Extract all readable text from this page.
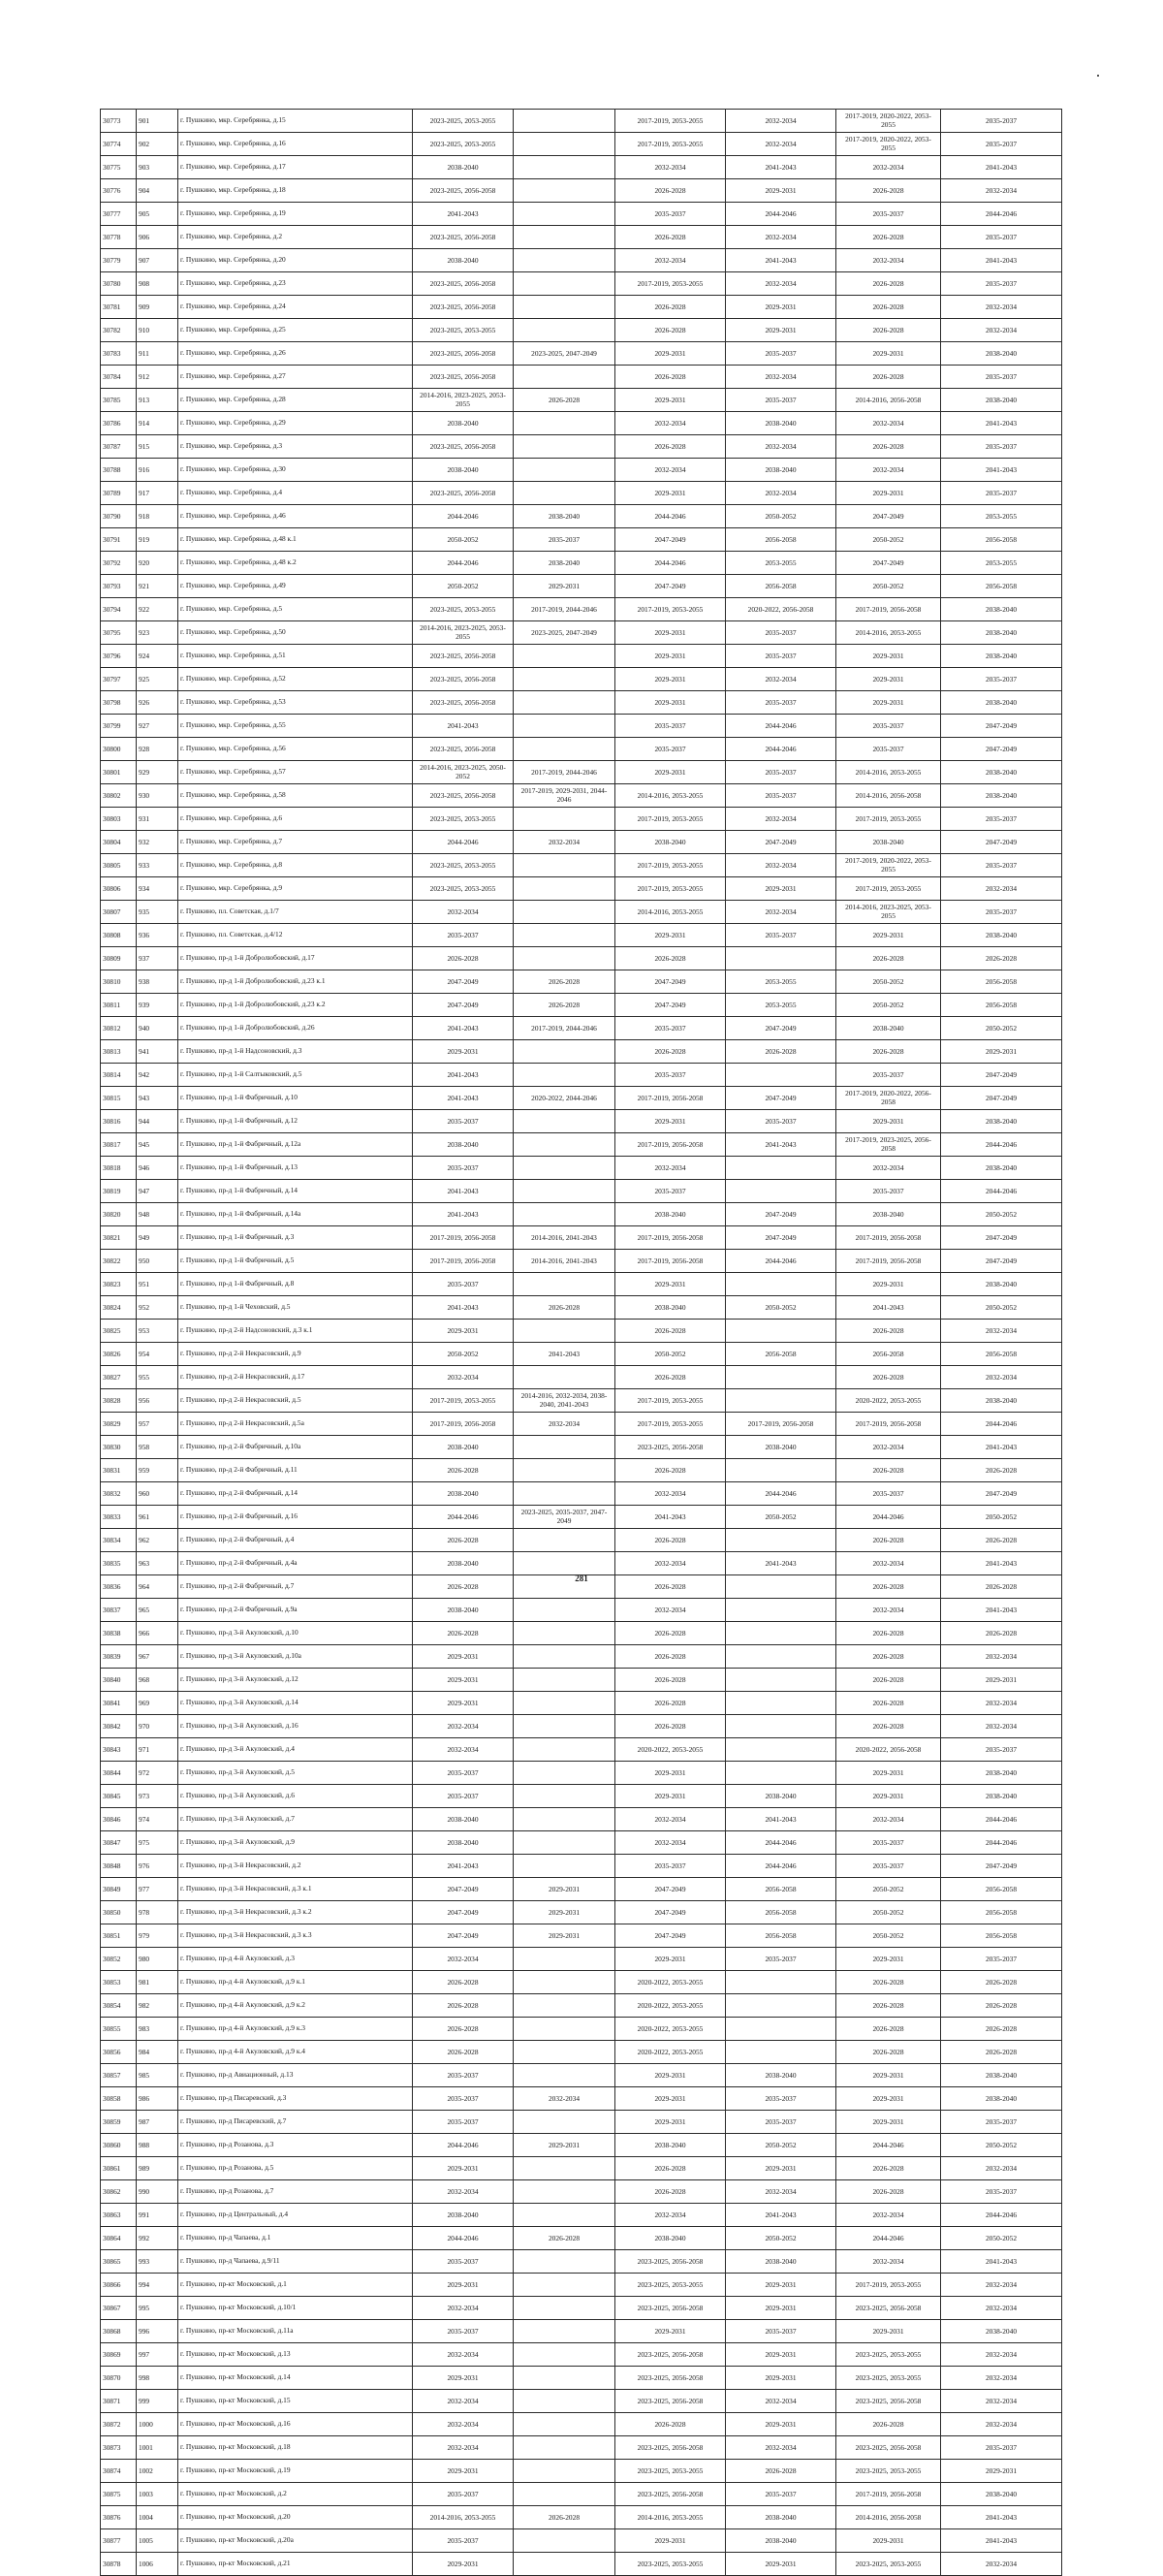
30773	901	г. Пушкино, мкр. Серебрянка, д.15	2023-2025, 2053-2055		2017-2019, 2053-2055	2032-2034	2017-2019, 2020-2022, 2053-2055	2035-2037
30774	902	г. Пушкино, мкр. Серебрянка, д.16	2023-2025, 2053-2055		2017-2019, 2053-2055	2032-2034	2017-2019, 2020-2022, 2053-2055	2035-2037
30775	903	г. Пушкино, мкр. Серебрянка, д.17	2038-2040		2032-2034	2041-2043	2032-2034	2041-2043
30776	904	г. Пушкино, мкр. Серебрянка, д.18	2023-2025, 2056-2058		2026-2028	2029-2031	2026-2028	2032-2034
30777	905	г. Пушкино, мкр. Серебрянка, д.19	2041-2043		2035-2037	2044-2046	2035-2037	2044-2046
30778	906	г. Пушкино, мкр. Серебрянка, д.2	2023-2025, 2056-2058		2026-2028	2032-2034	2026-2028	2035-2037
30779	907	г. Пушкино, мкр. Серебрянка, д.20	2038-2040		2032-2034	2041-2043	2032-2034	2041-2043
30780	908	г. Пушкино, мкр. Серебрянка, д.23	2023-2025, 2056-2058		2017-2019, 2053-2055	2032-2034	2026-2028	2035-2037
30781	909	г. Пушкино, мкр. Серебрянка, д.24	2023-2025, 2056-2058		2026-2028	2029-2031	2026-2028	2032-2034
30782	910	г. Пушкино, мкр. Серебрянка, д.25	2023-2025, 2053-2055		2026-2028	2029-2031	2026-2028	2032-2034
30783	911	г. Пушкино, мкр. Серебрянка, д.26	2023-2025, 2056-2058	2023-2025, 2047-2049	2029-2031	2035-2037	2029-2031	2038-2040
30784	912	г. Пушкино, мкр. Серебрянка, д.27	2023-2025, 2056-2058		2026-2028	2032-2034	2026-2028	2035-2037
30785	913	г. Пушкино, мкр. Серебрянка, д.28	2014-2016, 2023-2025, 2053-2055	2026-2028	2029-2031	2035-2037	2014-2016, 2056-2058	2038-2040
30786	914	г. Пушкино, мкр. Серебрянка, д.29	2038-2040		2032-2034	2038-2040	2032-2034	2041-2043
30787	915	г. Пушкино, мкр. Серебрянка, д.3	2023-2025, 2056-2058		2026-2028	2032-2034	2026-2028	2035-2037
30788	916	г. Пушкино, мкр. Серебрянка, д.30	2038-2040		2032-2034	2038-2040	2032-2034	2041-2043
30789	917	г. Пушкино, мкр. Серебрянка, д.4	2023-2025, 2056-2058		2029-2031	2032-2034	2029-2031	2035-2037
30790	918	г. Пушкино, мкр. Серебрянка, д.46	2044-2046	2038-2040	2044-2046	2050-2052	2047-2049	2053-2055
30791	919	г. Пушкино, мкр. Серебрянка, д.48 к.1	2050-2052	2035-2037	2047-2049	2056-2058	2050-2052	2056-2058
30792	920	г. Пушкино, мкр. Серебрянка, д.48 к.2	2044-2046	2038-2040	2044-2046	2053-2055	2047-2049	2053-2055
30793	921	г. Пушкино, мкр. Серебрянка, д.49	2050-2052	2029-2031	2047-2049	2056-2058	2050-2052	2056-2058
30794	922	г. Пушкино, мкр. Серебрянка, д.5	2023-2025, 2053-2055	2017-2019, 2044-2046	2017-2019, 2053-2055	2020-2022, 2056-2058	2017-2019, 2056-2058	2038-2040
30795	923	г. Пушкино, мкр. Серебрянка, д.50	2014-2016, 2023-2025, 2053-2055	2023-2025, 2047-2049	2029-2031	2035-2037	2014-2016, 2053-2055	2038-2040
30796	924	г. Пушкино, мкр. Серебрянка, д.51	2023-2025, 2056-2058		2029-2031	2035-2037	2029-2031	2038-2040
30797	925	г. Пушкино, мкр. Серебрянка, д.52	2023-2025, 2056-2058		2029-2031	2032-2034	2029-2031	2035-2037
30798	926	г. Пушкино, мкр. Серебрянка, д.53	2023-2025, 2056-2058		2029-2031	2035-2037	2029-2031	2038-2040
30799	927	г. Пушкино, мкр. Серебрянка, д.55	2041-2043		2035-2037	2044-2046	2035-2037	2047-2049
30800	928	г. Пушкино, мкр. Серебрянка, д.56	2023-2025, 2056-2058		2035-2037	2044-2046	2035-2037	2047-2049
30801	929	г. Пушкино, мкр. Серебрянка, д.57	2014-2016, 2023-2025, 2050-2052	2017-2019, 2044-2046	2029-2031	2035-2037	2014-2016, 2053-2055	2038-2040
30802	930	г. Пушкино, мкр. Серебрянка, д.58	2023-2025, 2056-2058	2017-2019, 2029-2031, 2044-2046	2014-2016, 2053-2055	2035-2037	2014-2016, 2056-2058	2038-2040
30803	931	г. Пушкино, мкр. Серебрянка, д.6	2023-2025, 2053-2055		2017-2019, 2053-2055	2032-2034	2017-2019, 2053-2055	2035-2037
30804	932	г. Пушкино, мкр. Серебрянка, д.7	2044-2046	2032-2034	2038-2040	2047-2049	2038-2040	2047-2049
30805	933	г. Пушкино, мкр. Серебрянка, д.8	2023-2025, 2053-2055		2017-2019, 2053-2055	2032-2034	2017-2019, 2020-2022, 2053-2055	2035-2037
30806	934	г. Пушкино, мкр. Серебрянка, д.9	2023-2025, 2053-2055		2017-2019, 2053-2055	2029-2031	2017-2019, 2053-2055	2032-2034
30807	935	г. Пушкино, пл. Советская, д.1/7	2032-2034		2014-2016, 2053-2055	2032-2034	2014-2016, 2023-2025, 2053-2055	2035-2037
30808	936	г. Пушкино, пл. Советская, д.4/12	2035-2037		2029-2031	2035-2037	2029-2031	2038-2040
30809	937	г. Пушкино, пр-д 1-й Добролюбовский, д.17	2026-2028		2026-2028		2026-2028	2026-2028
30810	938	г. Пушкино, пр-д 1-й Добролюбовский, д.23 к.1	2047-2049	2026-2028	2047-2049	2053-2055	2050-2052	2056-2058
30811	939	г. Пушкино, пр-д 1-й Добролюбовский, д.23 к.2	2047-2049	2026-2028	2047-2049	2053-2055	2050-2052	2056-2058
30812	940	г. Пушкино, пр-д 1-й Добролюбовский, д.26	2041-2043	2017-2019, 2044-2046	2035-2037	2047-2049	2038-2040	2050-2052
30813	941	г. Пушкино, пр-д 1-й Надсоновский, д.3	2029-2031		2026-2028	2026-2028	2026-2028	2029-2031
30814	942	г. Пушкино, пр-д 1-й Салтыковский, д.5	2041-2043		2035-2037		2035-2037	2047-2049
30815	943	г. Пушкино, пр-д 1-й Фабричный, д.10	2041-2043	2020-2022, 2044-2046	2017-2019, 2056-2058	2047-2049	2017-2019, 2020-2022, 2056-2058	2047-2049
30816	944	г. Пушкино, пр-д 1-й Фабричный, д.12	2035-2037		2029-2031	2035-2037	2029-2031	2038-2040
30817	945	г. Пушкино, пр-д 1-й Фабричный, д.12а	2038-2040		2017-2019, 2056-2058	2041-2043	2017-2019, 2023-2025, 2056-2058	2044-2046
30818	946	г. Пушкино, пр-д 1-й Фабричный, д.13	2035-2037		2032-2034		2032-2034	2038-2040
30819	947	г. Пушкино, пр-д 1-й Фабричный, д.14	2041-2043		2035-2037		2035-2037	2044-2046
30820	948	г. Пушкино, пр-д 1-й Фабричный, д.14а	2041-2043		2038-2040	2047-2049	2038-2040	2050-2052
30821	949	г. Пушкино, пр-д 1-й Фабричный, д.3	2017-2019, 2056-2058	2014-2016, 2041-2043	2017-2019, 2056-2058	2047-2049	2017-2019, 2056-2058	2047-2049
30822	950	г. Пушкино, пр-д 1-й Фабричный, д.5	2017-2019, 2056-2058	2014-2016, 2041-2043	2017-2019, 2056-2058	2044-2046	2017-2019, 2056-2058	2047-2049
30823	951	г. Пушкино, пр-д 1-й Фабричный, д.8	2035-2037		2029-2031		2029-2031	2038-2040
30824	952	г. Пушкино, пр-д 1-й Чеховский, д.5	2041-2043	2026-2028	2038-2040	2050-2052	2041-2043	2050-2052
30825	953	г. Пушкино, пр-д 2-й Надсоновский, д.3 к.1	2029-2031		2026-2028		2026-2028	2032-2034
30826	954	г. Пушкино, пр-д 2-й Некрасовский, д.9	2050-2052	2041-2043	2050-2052	2056-2058	2056-2058	2056-2058
30827	955	г. Пушкино, пр-д 2-й Некрасовский, д.17	2032-2034		2026-2028		2026-2028	2032-2034
30828	956	г. Пушкино, пр-д 2-й Некрасовский, д.5	2017-2019, 2053-2055	2014-2016, 2032-2034, 2038-2040, 2041-2043	2017-2019, 2053-2055		2020-2022, 2053-2055	2038-2040
30829	957	г. Пушкино, пр-д 2-й Некрасовский, д.5а	2017-2019, 2056-2058	2032-2034	2017-2019, 2053-2055	2017-2019, 2056-2058	2017-2019, 2056-2058	2044-2046
30830	958	г. Пушкино, пр-д 2-й Фабричный, д.10а	2038-2040		2023-2025, 2056-2058	2038-2040	2032-2034	2041-2043
30831	959	г. Пушкино, пр-д 2-й Фабричный, д.11	2026-2028		2026-2028		2026-2028	2026-2028
30832	960	г. Пушкино, пр-д 2-й Фабричный, д.14	2038-2040		2032-2034	2044-2046	2035-2037	2047-2049
30833	961	г. Пушкино, пр-д 2-й Фабричный, д.16	2044-2046	2023-2025, 2035-2037, 2047-2049	2041-2043	2050-2052	2044-2046	2050-2052
30834	962	г. Пушкино, пр-д 2-й Фабричный, д.4	2026-2028		2026-2028		2026-2028	2026-2028
30835	963	г. Пушкино, пр-д 2-й Фабричный, д.4а	2038-2040		2032-2034	2041-2043	2032-2034	2041-2043
30836	964	г. Пушкино, пр-д 2-й Фабричный, д.7	2026-2028		2026-2028		2026-2028	2026-2028
30837	965	г. Пушкино, пр-д 2-й Фабричный, д.9а	2038-2040		2032-2034		2032-2034	2041-2043
30838	966	г. Пушкино, пр-д 3-й Акуловский, д.10	2026-2028		2026-2028		2026-2028	2026-2028
30839	967	г. Пушкино, пр-д 3-й Акуловский, д.10а	2029-2031		2026-2028		2026-2028	2032-2034
30840	968	г. Пушкино, пр-д 3-й Акуловский, д.12	2029-2031		2026-2028		2026-2028	2029-2031
30841	969	г. Пушкино, пр-д 3-й Акуловский, д.14	2029-2031		2026-2028		2026-2028	2032-2034
30842	970	г. Пушкино, пр-д 3-й Акуловский, д.16	2032-2034		2026-2028		2026-2028	2032-2034
30843	971	г. Пушкино, пр-д 3-й Акуловский, д.4	2032-2034		2020-2022, 2053-2055		2020-2022, 2056-2058	2035-2037
30844	972	г. Пушкино, пр-д 3-й Акуловский, д.5	2035-2037		2029-2031		2029-2031	2038-2040
30845	973	г. Пушкино, пр-д 3-й Акуловский, д.6	2035-2037		2029-2031	2038-2040	2029-2031	2038-2040
30846	974	г. Пушкино, пр-д 3-й Акуловский, д.7	2038-2040		2032-2034	2041-2043	2032-2034	2044-2046
30847	975	г. Пушкино, пр-д 3-й Акуловский, д.9	2038-2040		2032-2034	2044-2046	2035-2037	2044-2046
30848	976	г. Пушкино, пр-д 3-й Некрасовский, д.2	2041-2043		2035-2037	2044-2046	2035-2037	2047-2049
30849	977	г. Пушкино, пр-д 3-й Некрасовский, д.3 к.1	2047-2049	2029-2031	2047-2049	2056-2058	2050-2052	2056-2058
30850	978	г. Пушкино, пр-д 3-й Некрасовский, д.3 к.2	2047-2049	2029-2031	2047-2049	2056-2058	2050-2052	2056-2058
30851	979	г. Пушкино, пр-д 3-й Некрасовский, д.3 к.3	2047-2049	2029-2031	2047-2049	2056-2058	2050-2052	2056-2058
30852	980	г. Пушкино, пр-д 4-й Акуловский, д.3	2032-2034		2029-2031	2035-2037	2029-2031	2035-2037
30853	981	г. Пушкино, пр-д 4-й Акуловский, д.9 к.1	2026-2028		2020-2022, 2053-2055		2026-2028	2026-2028
30854	982	г. Пушкино, пр-д 4-й Акуловский, д.9 к.2	2026-2028		2020-2022, 2053-2055		2026-2028	2026-2028
30855	983	г. Пушкино, пр-д 4-й Акуловский, д.9 к.3	2026-2028		2020-2022, 2053-2055		2026-2028	2026-2028
30856	984	г. Пушкино, пр-д 4-й Акуловский, д.9 к.4	2026-2028		2020-2022, 2053-2055		2026-2028	2026-2028
30857	985	г. Пушкино, пр-д Авиационный, д.13	2035-2037		2029-2031	2038-2040	2029-2031	2038-2040
30858	986	г. Пушкино, пр-д Писаревский, д.3	2035-2037	2032-2034	2029-2031	2035-2037	2029-2031	2038-2040
30859	987	г. Пушкино, пр-д Писаревский, д.7	2035-2037		2029-2031	2035-2037	2029-2031	2035-2037
30860	988	г. Пушкино, пр-д Розанова, д.3	2044-2046	2029-2031	2038-2040	2050-2052	2044-2046	2050-2052
30861	989	г. Пушкино, пр-д Розанова, д.5	2029-2031		2026-2028	2029-2031	2026-2028	2032-2034
30862	990	г. Пушкино, пр-д Розанова, д.7	2032-2034		2026-2028	2032-2034	2026-2028	2035-2037
30863	991	г. Пушкино, пр-д Центральный, д.4	2038-2040		2032-2034	2041-2043	2032-2034	2044-2046
30864	992	г. Пушкино, пр-д Чапаева, д.1	2044-2046	2026-2028	2038-2040	2050-2052	2044-2046	2050-2052
30865	993	г. Пушкино, пр-д Чапаева, д.9/11	2035-2037		2023-2025, 2056-2058	2038-2040	2032-2034	2041-2043
30866	994	г. Пушкино, пр-кт Московский, д.1	2029-2031		2023-2025, 2053-2055	2029-2031	2017-2019, 2053-2055	2032-2034
30867	995	г. Пушкино, пр-кт Московский, д.10/1	2032-2034		2023-2025, 2056-2058	2029-2031	2023-2025, 2056-2058	2032-2034
30868	996	г. Пушкино, пр-кт Московский, д.11а	2035-2037		2029-2031	2035-2037	2029-2031	2038-2040
30869	997	г. Пушкино, пр-кт Московский, д.13	2032-2034		2023-2025, 2056-2058	2029-2031	2023-2025, 2053-2055	2032-2034
30870	998	г. Пушкино, пр-кт Московский, д.14	2029-2031		2023-2025, 2056-2058	2029-2031	2023-2025, 2053-2055	2032-2034
30871	999	г. Пушкино, пр-кт Московский, д.15	2032-2034		2023-2025, 2056-2058	2032-2034	2023-2025, 2056-2058	2032-2034
30872	1000	г. Пушкино, пр-кт Московский, д.16	2032-2034		2026-2028	2029-2031	2026-2028	2032-2034
30873	1001	г. Пушкино, пр-кт Московский, д.18	2032-2034		2023-2025, 2056-2058	2032-2034	2023-2025, 2056-2058	2035-2037
30874	1002	г. Пушкино, пр-кт Московский, д.19	2029-2031		2023-2025, 2053-2055	2026-2028	2023-2025, 2053-2055	2029-2031
30875	1003	г. Пушкино, пр-кт Московский, д.2	2035-2037		2023-2025, 2056-2058	2035-2037	2017-2019, 2056-2058	2038-2040
30876	1004	г. Пушкино, пр-кт Московский, д.20	2014-2016, 2053-2055	2026-2028	2014-2016, 2053-2055	2038-2040	2014-2016, 2056-2058	2041-2043
30877	1005	г. Пушкино, пр-кт Московский, д.20а	2035-2037		2029-2031	2038-2040	2029-2031	2041-2043
30878	1006	г. Пушкино, пр-кт Московский, д.21	2029-2031		2023-2025, 2053-2055	2029-2031	2023-2025, 2053-2055	2032-2034
281
